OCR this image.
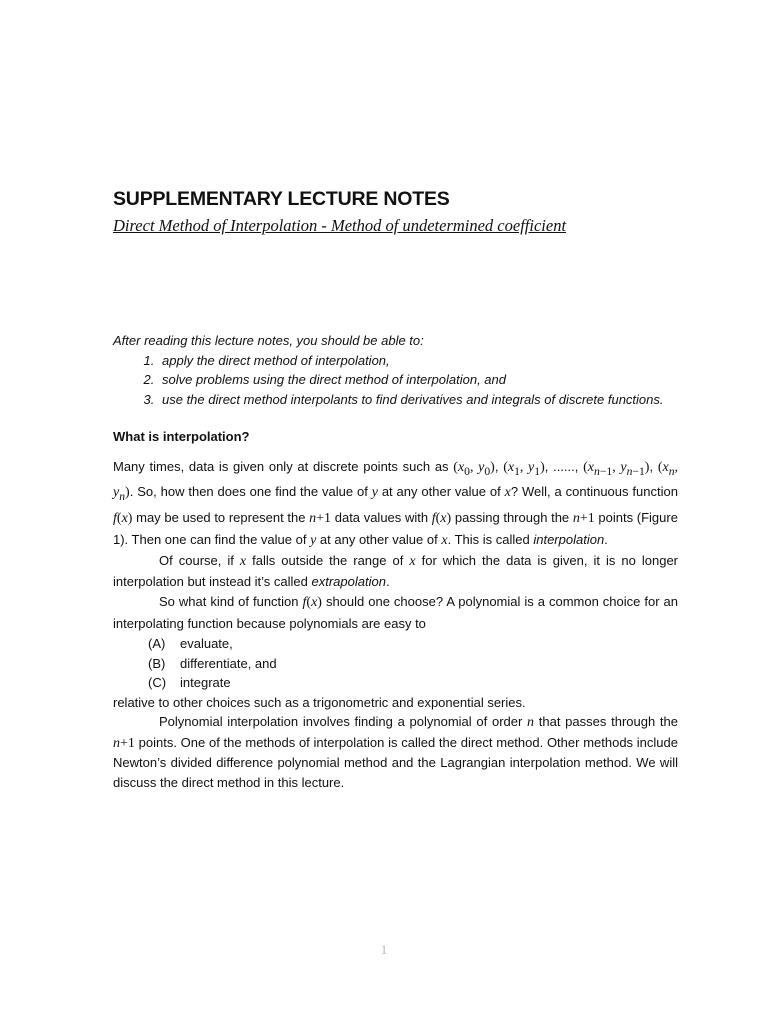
SUPPLEMENTARY LECTURE NOTES
Direct Method of Interpolation - Method of undetermined coefficient

After reading this lecture notes, you should be able to:

1. apply the direct method of interpolation,
2. solve problems using the direct method of interpolation, and
3. use the direct method interpolants to find derivatives and integrals of discrete functions.
What is interpolation?

Many times, data is given only at discrete points such as ($x_0$, $y_0$), ($x_1$, $y_1$), ......, ($x_{n-1}$, $y_{n-1}$), ($x_n$, $y_n$). So, how then does one find the value of y at any other value of x? Well, a continuous function f(x) may be used to represent the n+1 data values with f(x) passing through the n+1 points (Figure 1). Then one can find the value of y at any other value of x. This is called interpolation.

Of course, if x falls outside the range of x for which the data is given, it is no longer interpolation but instead it’s called extrapolation.

So what kind of function f(x) should one choose? A polynomial is a common choice for an interpolating function because polynomials are easy to

(A) evaluate,
(B) differentiate, and
(C) integrate

relative to other choices such as a trigonometric and exponential series.

Polynomial interpolation involves finding a polynomial of order n that passes through the n+1 points. One of the methods of interpolation is called the direct method. Other methods include Newton’s divided difference polynomial method and the Lagrangian interpolation method. We will discuss the direct method in this lecture.

1
